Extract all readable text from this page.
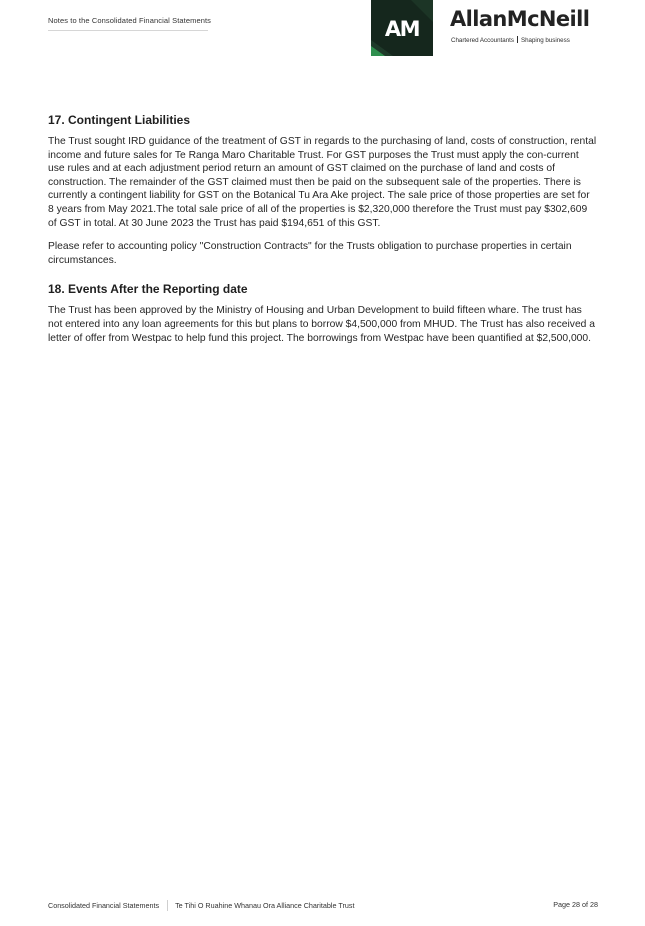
Notes to the Consolidated Financial Statements	AM AllanMcNeill
Chartered Accountants Shaping business
17. Contingent Liabilities

The Trust sought IRD guidance of the treatment of GST in regards to the purchasing of land, costs of construction, rental income and future sales for Te Ranga Maro Charitable Trust. For GST purposes the Trust must apply the con-current use rules and at each adjustment period return an amount of GST claimed on the purchase of land and costs of construction. The remainder of the GST claimed must then be paid on the subsequent sale of the properties. There is currently a contingent liability for GST on the Botanical Tu Ara Ake project. The sale price of those properties are set for 8 years from May 2021.The total sale price of all of the properties is $2,320,000 therefore the Trust must pay $302,609 of GST in total. At 30 June 2023 the Trust has paid $194,651 of this GST.

Please refer to accounting policy "Construction Contracts" for the Trusts obligation to purchase properties in certain circumstances.

18. Events After the Reporting date

The Trust has been approved by the Ministry of Housing and Urban Development to build fifteen whare. The trust has not entered into any loan agreements for this but plans to borrow $4,500,000 from MHUD. The Trust has also received a letter of offer from Westpac to help fund this project. The borrowings from Westpac have been quantified at $2,500,000.

Consolidated Financial Statements Te Tihi O Ruahine Whanau Ora Alliance Charitable Trust	Page 28 of 28
